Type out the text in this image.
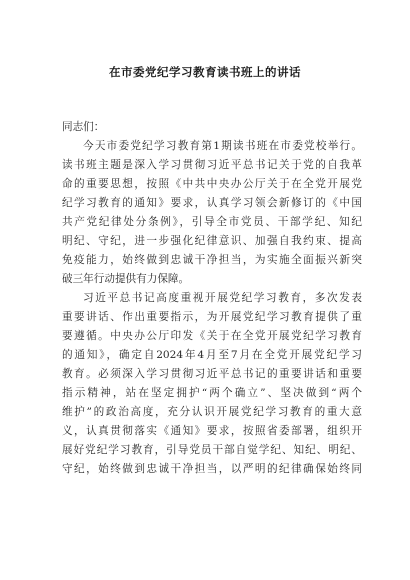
在市委党纪学习教育读书班上的讲话

同志们：

今天市委党纪学习教育第1期读书班在市委党校举行。
读书班主题是深入学习贯彻习近平总书记关于党的自我革
命的重要思想，按照《中共中央办公厅关于在全党开展党
纪学习教育的通知》要求，认真学习领会新修订的《中国
共产党纪律处分条例》，引导全市党员、干部学纪、知纪
明纪、守纪，进一步强化纪律意识、加强自我约束、提高
免疫能力，始终做到忠诚干净担当，为实施全面振兴新突
破三年行动提供有力保障。

习近平总书记高度重视开展党纪学习教育，多次发表
重要讲话、作出重要指示，为开展党纪学习教育提供了重
要遵循。中央办公厅印发《关于在全党开展党纪学习教育
的通知》，确定自2024年4月至7月在全党开展党纪学习
教育。必须深入学习贯彻习近平总书记的重要讲话和重要
指示精神，站在坚定拥护“两个确立”、坚决做到“两个
维护”的政治高度，充分认识开展党纪学习教育的重大意
义，认真贯彻落实《通知》要求，按照省委部署，组织开
展好党纪学习教育，引导党员干部自觉学纪、知纪、明纪、
守纪，始终做到忠诚干净担当，以严明的纪律确保始终同
